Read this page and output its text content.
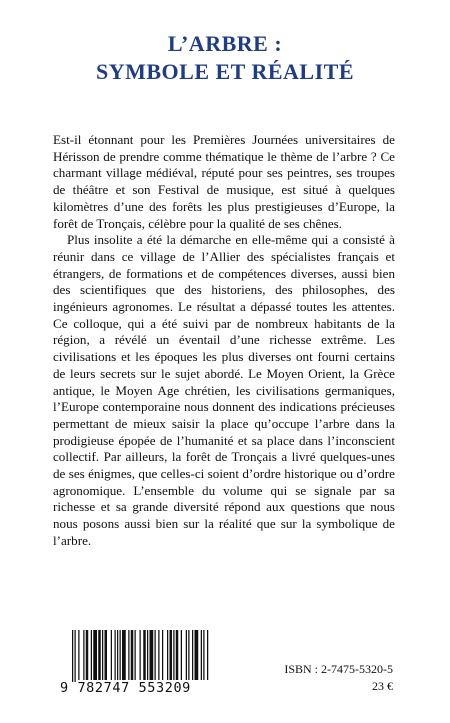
L’ARBRE :
SYMBOLE ET RÉALITÉ

Est-il étonnant pour les Premières Journées universitaires de Hérisson de prendre comme thématique le thème de l’arbre ? Ce charmant village médiéval, réputé pour ses peintres, ses troupes de théâtre et son Festival de musique, est situé à quelques kilomètres d’une des forêts les plus prestigieuses d’Europe, la forêt de Tronçais, célèbre pour la qualité de ses chênes.

Plus insolite a été la démarche en elle-même qui a consisté à réunir dans ce village de l’Allier des spécialistes français et étrangers, de formations et de compétences diverses, aussi bien des scientifiques que des historiens, des philosophes, des ingénieurs agronomes. Le résultat a dépassé toutes les attentes. Ce colloque, qui a été suivi par de nombreux habitants de la région, a révélé un éventail d’une richesse extrême. Les civilisations et les époques les plus diverses ont fourni certains de leurs secrets sur le sujet abordé. Le Moyen Orient, la Grèce antique, le Moyen Age chrétien, les civilisations germaniques, l’Europe contemporaine nous donnent des indications précieuses permettant de mieux saisir la place qu’occupe l’arbre dans la prodigieuse épopée de l’humanité et sa place dans l’inconscient collectif. Par ailleurs, la forêt de Tronçais a livré quelques-unes de ses énigmes, que celles-ci soient d’ordre historique ou d’ordre agronomique. L’ensemble du volume qui se signale par sa richesse et sa grande diversité répond aux questions que nous nous posons aussi bien sur la réalité que sur la symbolique de l’arbre.

9 782747 553209
ISBN : 2-7475-5320-5
23 €
